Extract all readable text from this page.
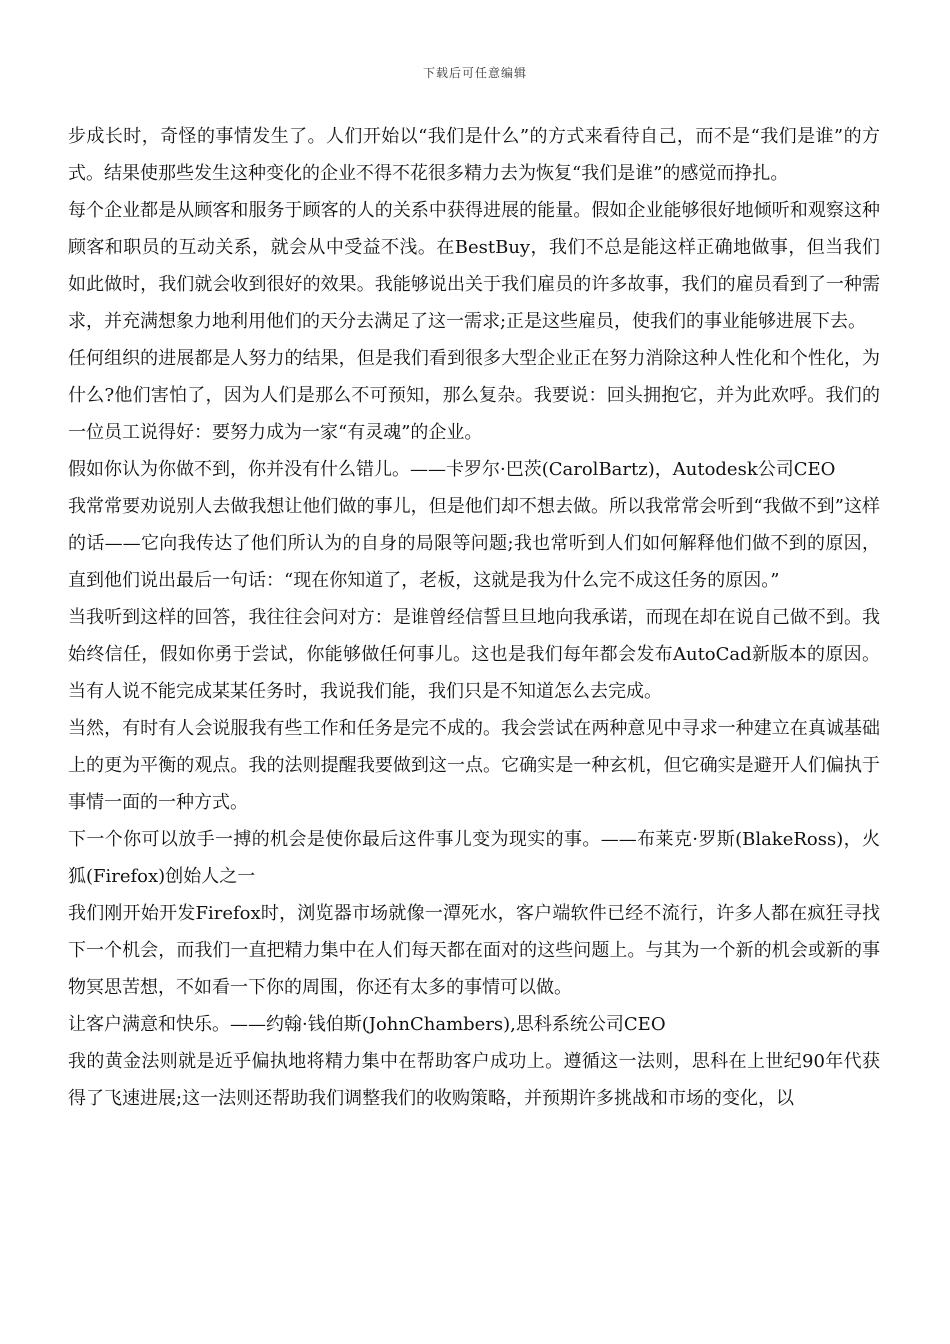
下载后可任意编辑

步成长时，奇怪的事情发生了。人们开始以“我们是什么”的方式来看待自己，而不是“我们是谁”的方式。结果使那些发生这种变化的企业不得不花很多精力去为恢复“我们是谁”的感觉而挣扎。

每个企业都是从顾客和服务于顾客的人的关系中获得进展的能量。假如企业能够很好地倾听和观察这种顾客和职员的互动关系，就会从中受益不浅。在BestBuy，我们不总是能这样正确地做事，但当我们如此做时，我们就会收到很好的效果。我能够说出关于我们雇员的许多故事，我们的雇员看到了一种需求，并充满想象力地利用他们的天分去满足了这一需求;正是这些雇员，使我们的事业能够进展下去。

任何组织的进展都是人努力的结果，但是我们看到很多大型企业正在努力消除这种人性化和个性化，为什么?他们害怕了，因为人们是那么不可预知，那么复杂。我要说：回头拥抱它，并为此欢呼。我们的一位员工说得好：要努力成为一家“有灵魂”的企业。

假如你认为你做不到，你并没有什么错儿。——卡罗尔·巴茨(CarolBartz)，Autodesk公司CEO

我常常要劝说别人去做我想让他们做的事儿，但是他们却不想去做。所以我常常会听到“我做不到”这样的话——它向我传达了他们所认为的自身的局限等问题;我也常听到人们如何解释他们做不到的原因，直到他们说出最后一句话：“现在你知道了，老板，这就是我为什么完不成这任务的原因。”

当我听到这样的回答，我往往会问对方：是谁曾经信誓旦旦地向我承诺，而现在却在说自己做不到。我始终信任，假如你勇于尝试，你能够做任何事儿。这也是我们每年都会发布AutoCad新版本的原因。当有人说不能完成某某任务时，我说我们能，我们只是不知道怎么去完成。

当然，有时有人会说服我有些工作和任务是完不成的。我会尝试在两种意见中寻求一种建立在真诚基础上的更为平衡的观点。我的法则提醒我要做到这一点。它确实是一种玄机，但它确实是避开人们偏执于事情一面的一种方式。

下一个你可以放手一搏的机会是使你最后这件事儿变为现实的事。——布莱克·罗斯(BlakeRoss)，火狐(Firefox)创始人之一

我们刚开始开发Firefox时，浏览器市场就像一潭死水，客户端软件已经不流行，许多人都在疯狂寻找下一个机会，而我们一直把精力集中在人们每天都在面对的这些问题上。与其为一个新的机会或新的事物冥思苦想，不如看一下你的周围，你还有太多的事情可以做。

让客户满意和快乐。——约翰·钱伯斯(JohnChambers),思科系统公司CEO

我的黄金法则就是近乎偏执地将精力集中在帮助客户成功上。遵循这一法则，思科在上世纪90年代获得了飞速进展;这一法则还帮助我们调整我们的收购策略，并预期许多挑战和市场的变化，以
